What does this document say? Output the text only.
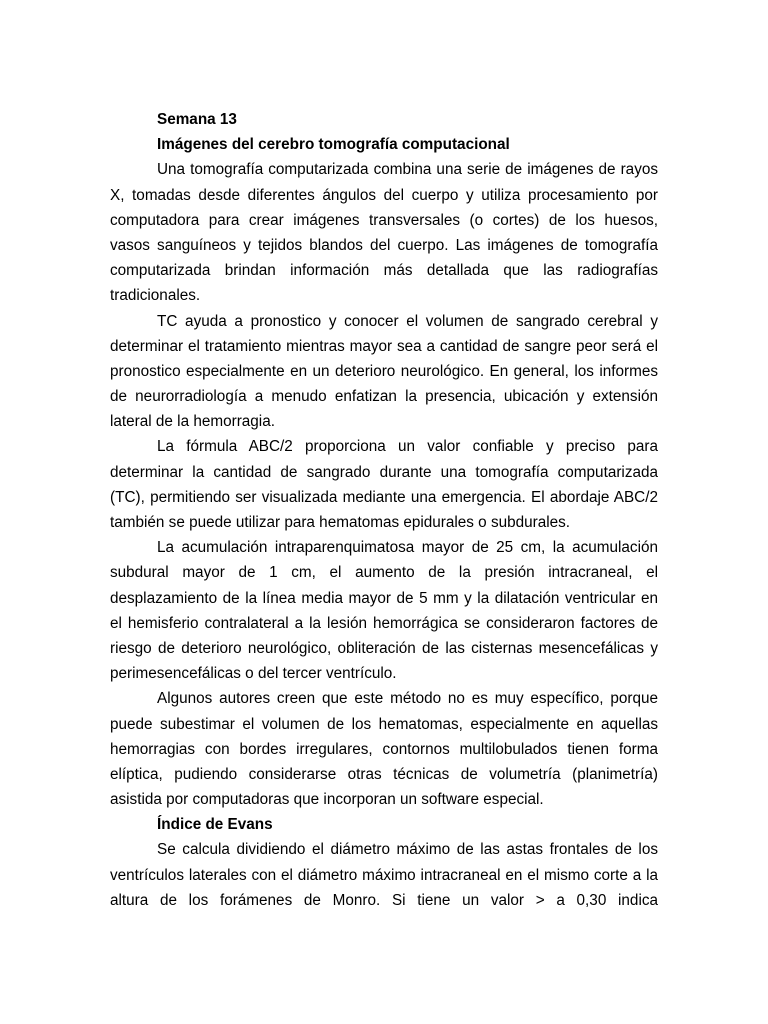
Semana 13
Imágenes del cerebro tomografía computacional
Una tomografía computarizada combina una serie de imágenes de rayos
X, tomadas desde diferentes ángulos del cuerpo y utiliza procesamiento por
computadora para crear imágenes transversales (o cortes) de los huesos,
vasos sanguíneos y tejidos blandos del cuerpo. Las imágenes de tomografía
computarizada brindan información más detallada que las radiografías
tradicionales.
TC ayuda a pronostico y conocer el volumen de sangrado cerebral y
determinar el tratamiento mientras mayor sea a cantidad de sangre peor será el
pronostico especialmente en un deterioro neurológico. En general, los informes
de neurorradiología a menudo enfatizan la presencia, ubicación y extensión
lateral de la hemorragia.
La fórmula ABC/2 proporciona un valor confiable y preciso para
determinar la cantidad de sangrado durante una tomografía computarizada
(TC), permitiendo ser visualizada mediante una emergencia. El abordaje ABC/2
también se puede utilizar para hematomas epidurales o subdurales.
La acumulación intraparenquimatosa mayor de 25 cm, la acumulación
subdural mayor de 1 cm, el aumento de la presión intracraneal, el
desplazamiento de la línea media mayor de 5 mm y la dilatación ventricular en
el hemisferio contralateral a la lesión hemorrágica se consideraron factores de
riesgo de deterioro neurológico, obliteración de las cisternas mesencefálicas y
perimesencefálicas o del tercer ventrículo.
Algunos autores creen que este método no es muy específico, porque
puede subestimar el volumen de los hematomas, especialmente en aquellas
hemorragias con bordes irregulares, contornos multilobulados tienen forma
elíptica, pudiendo considerarse otras técnicas de volumetría (planimetría)
asistida por computadoras que incorporan un software especial.
Índice de Evans
Se calcula dividiendo el diámetro máximo de las astas frontales de los
ventrículos laterales con el diámetro máximo intracraneal en el mismo corte a la
altura de los forámenes de Monro. Si tiene un valor > a 0,30 indica
